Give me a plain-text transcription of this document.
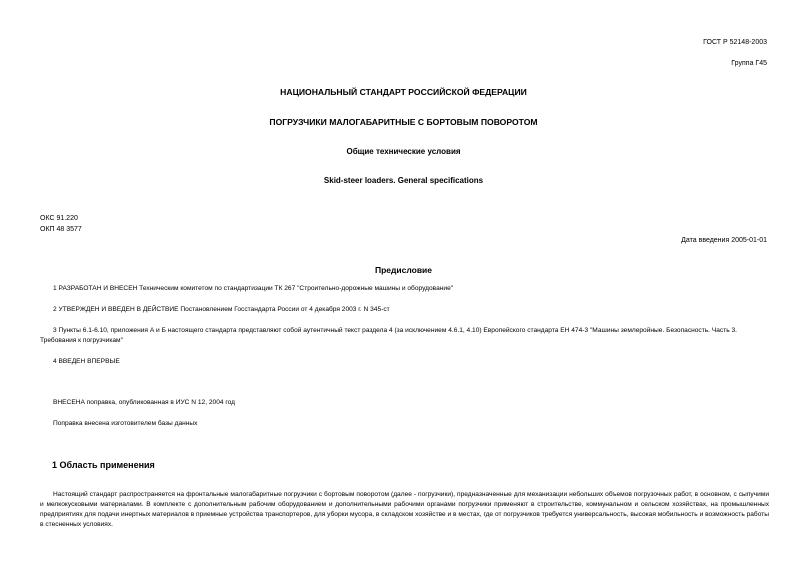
ГОСТ Р 52148-2003
Группа Г45
НАЦИОНАЛЬНЫЙ СТАНДАРТ РОССИЙСКОЙ ФЕДЕРАЦИИ
ПОГРУЗЧИКИ МАЛОГАБАРИТНЫЕ С БОРТОВЫМ ПОВОРОТОМ
Общие технические условия
Skid-steer loaders. General specifications
ОКС 91.220
ОКП 48 3577
Дата введения 2005-01-01
Предисловие
1 РАЗРАБОТАН И ВНЕСЕН Техническим комитетом по стандартизации ТК 267 "Строительно-дорожные машины и оборудование"
2 УТВЕРЖДЕН И ВВЕДЕН В ДЕЙСТВИЕ Постановлением Госстандарта России от 4 декабря 2003 г. N 345-ст
3 Пункты 6.1-6.10, приложения А и Б настоящего стандарта представляют собой аутентичный текст раздела 4 (за исключением 4.6.1, 4.10) Европейского стандарта ЕН 474-3 "Машины землеройные. Безопасность. Часть 3. Требования к погрузчикам"
4 ВВЕДЕН ВПЕРВЫЕ
ВНЕСЕНА поправка, опубликованная в ИУС N 12, 2004 год
Поправка внесена изготовителем базы данных
1 Область применения
Настоящий стандарт распространяется на фронтальные малогабаритные погрузчики с бортовым поворотом (далее - погрузчики), предназначенные для механизации небольших объемов погрузочных работ, в основном, с сыпучими и мелкокусковыми материалами. В комплекте с дополнительным рабочим оборудованием и дополнительными рабочими органами погрузчики применяют в строительстве, коммунальном и сельском хозяйствах, на промышленных предприятиях для подачи инертных материалов в приемные устройства транспортеров, для уборки мусора, в складском хозяйстве и в местах, где от погрузчиков требуется универсальность, высокая мобильность и возможность работы в стесненных условиях.
